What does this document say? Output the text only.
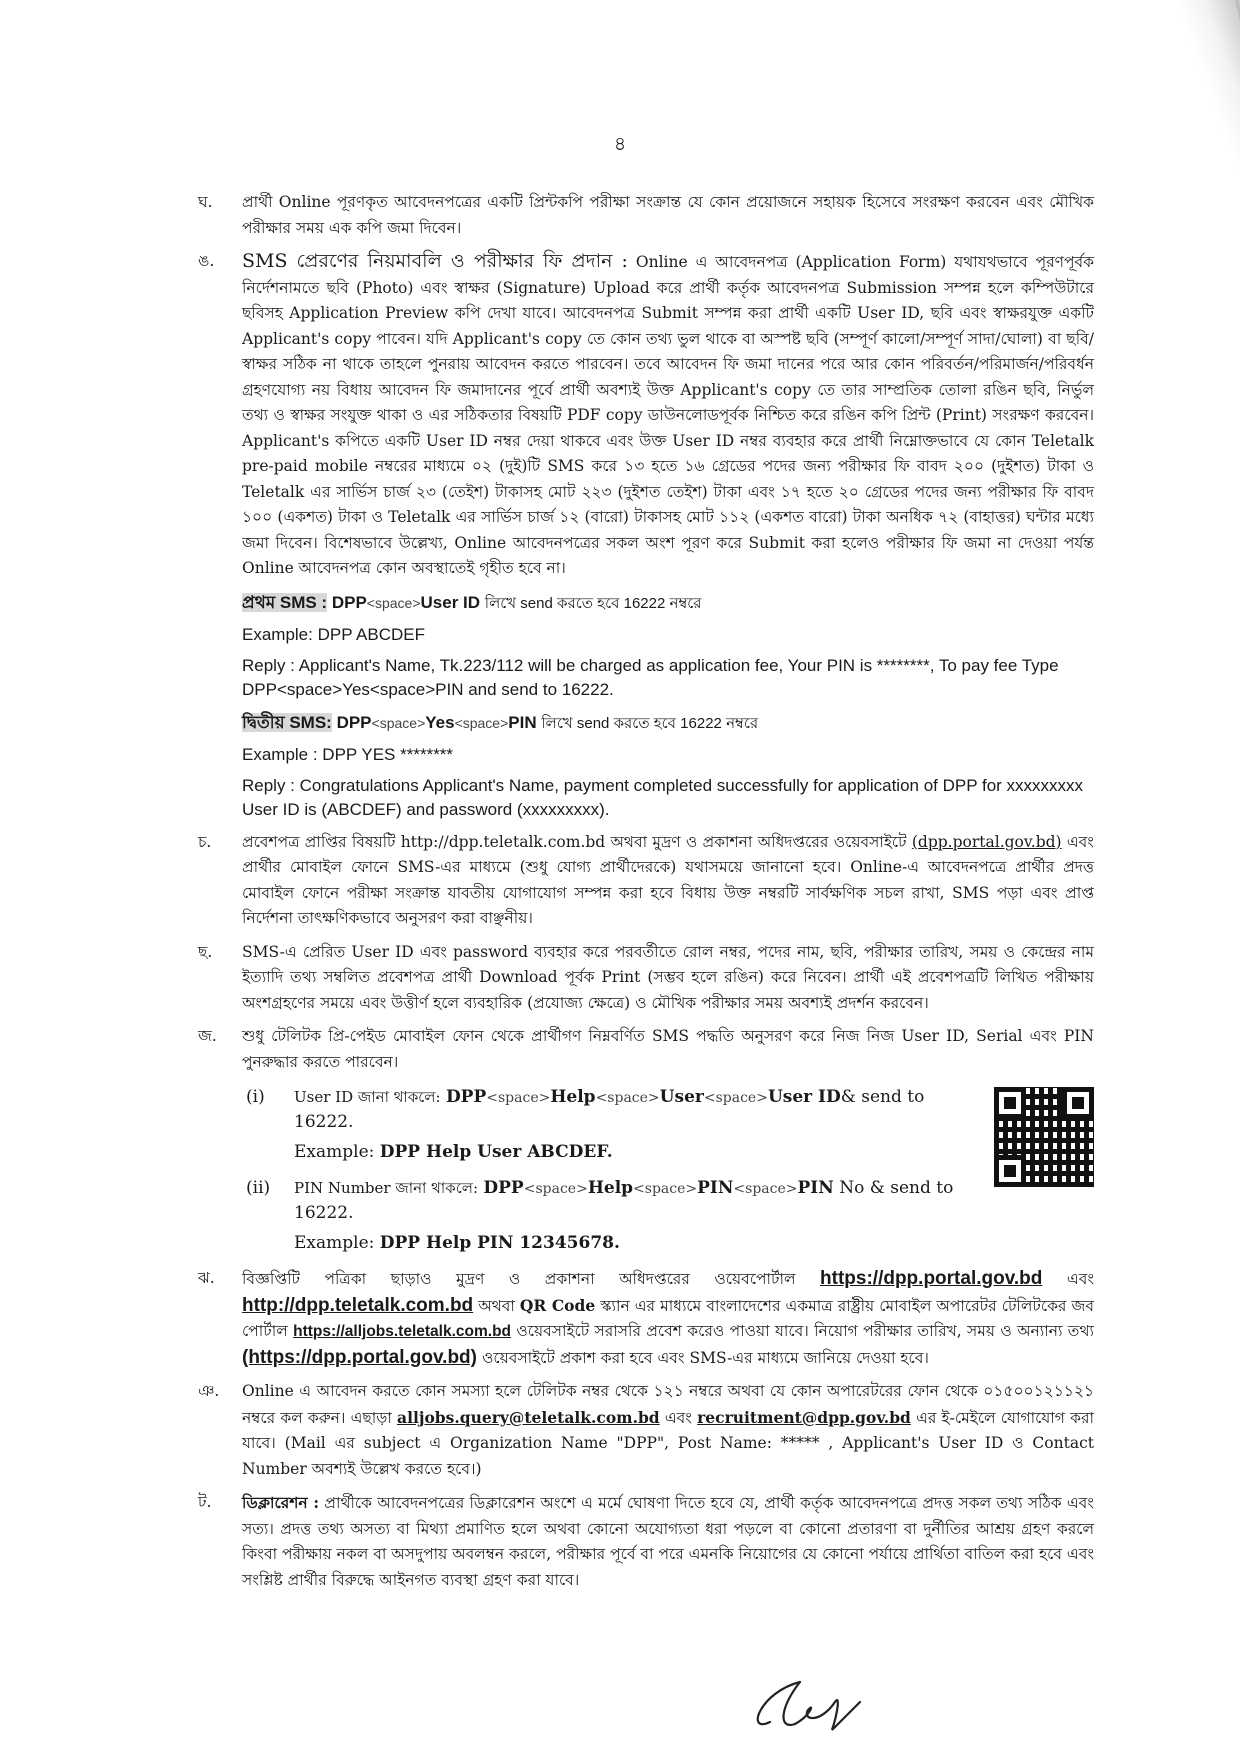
৪
ঘ. প্রার্থী Online পূরণকৃত আবেদনপত্রের একটি প্রিন্টকপি পরীক্ষা সংক্রান্ত যে কোন প্রয়োজনে সহায়ক হিসেবে সংরক্ষণ করবেন এবং মৌখিক পরীক্ষার সময় এক কপি জমা দিবেন।
ঙ. SMS প্রেরণের নিয়মাবলি ও পরীক্ষার ফি প্রদান : Online এ আবেদনপত্র (Application Form) যথাযথভাবে পূরণপূর্বক নির্দেশনামতে ছবি (Photo) এবং স্বাক্ষর (Signature) Upload করে প্রার্থী কর্তৃক আবেদনপত্র Submission সম্পন্ন হলে কম্পিউটারে ছবিসহ Application Preview কপি দেখা যাবে। আবেদনপত্র Submit সম্পন্ন করা প্রার্থী একটি User ID, ছবি এবং স্বাক্ষরযুক্ত একটি Applicant's copy পাবেন। যদি Applicant's copy তে কোন তথ্য ভুল থাকে বা অস্পষ্ট ছবি (সম্পূর্ণ কালো/সম্পূর্ণ সাদা/ঘোলা) বা ছবি/স্বাক্ষর সঠিক না থাকে তাহলে পুনরায় আবেদন করতে পারবেন। তবে আবেদন ফি জমা দানের পরে আর কোন পরিবর্তন/পরিমার্জন/পরিবর্ধন গ্রহণযোগ্য নয় বিধায় আবেদন ফি জমাদানের পূর্বে প্রার্থী অবশ্যই উক্ত Applicant's copy তে তার সাম্প্রতিক তোলা রঙিন ছবি, নির্ভুল তথ্য ও স্বাক্ষর সংযুক্ত থাকা ও এর সঠিকতার বিষয়টি PDF copy ডাউনলোডপূর্বক নিশ্চিত করে রঙিন কপি প্রিন্ট (Print) সংরক্ষণ করবেন। Applicant's কপিতে একটি User ID নম্বর দেয়া থাকবে এবং উক্ত User ID নম্বর ব্যবহার করে প্রার্থী নিম্নোক্তভাবে যে কোন Teletalk pre-paid mobile নম্বরের মাধ্যমে ০২ (দুই)টি SMS করে ১৩ হতে ১৬ গ্রেডের পদের জন্য পরীক্ষার ফি বাবদ ২০০ (দুইশত) টাকা ও Teletalk এর সার্ভিস চার্জ ২৩ (তেইশ) টাকাসহ মোট ২২৩ (দুইশত তেইশ) টাকা এবং ১৭ হতে ২০ গ্রেডের পদের জন্য পরীক্ষার ফি বাবদ ১০০ (একশত) টাকা ও Teletalk এর সার্ভিস চার্জ ১২ (বারো) টাকাসহ মোট ১১২ (একশত বারো) টাকা অনধিক ৭২ (বাহাত্তর) ঘন্টার মধ্যে জমা দিবেন। বিশেষভাবে উল্লেখ্য, Online আবেদনপত্রের সকল অংশ পূরণ করে Submit করা হলেও পরীক্ষার ফি জমা না দেওয়া পর্যন্ত Online আবেদনপত্র কোন অবস্থাতেই গৃহীত হবে না।

প্রথম SMS : DPP<space>User ID লিখে send করতে হবে 16222 নম্বরে

Example: DPP ABCDEF

Reply : Applicant's Name, Tk.223/112 will be charged as application fee, Your PIN is ********, To pay fee Type DPP<space>Yes<space>PIN and send to 16222.

দ্বিতীয় SMS: DPP<space>Yes<space>PIN লিখে send করতে হবে 16222 নম্বরে

Example : DPP YES ********

Reply : Congratulations Applicant's Name, payment completed successfully for application of DPP for xxxxxxxxx User ID is (ABCDEF) and password (xxxxxxxxx).

চ. প্রবেশপত্র প্রাপ্তির বিষয়টি http://dpp.teletalk.com.bd অথবা মুদ্রণ ও প্রকাশনা অধিদপ্তরের ওয়েবসাইটে (dpp.portal.gov.bd) এবং প্রার্থীর মোবাইল ফোনে SMS-এর মাধ্যমে (শুধু যোগ্য প্রার্থীদেরকে) যথাসময়ে জানানো হবে। Online-এ আবেদনপত্রে প্রার্থীর প্রদত্ত মোবাইল ফোনে পরীক্ষা সংক্রান্ত যাবতীয় যোগাযোগ সম্পন্ন করা হবে বিধায় উক্ত নম্বরটি সার্বক্ষণিক সচল রাখা, SMS পড়া এবং প্রাপ্ত নির্দেশনা তাৎক্ষণিকভাবে অনুসরণ করা বাঞ্ছনীয়।
ছ. SMS-এ প্রেরিত User ID এবং password ব্যবহার করে পরবর্তীতে রোল নম্বর, পদের নাম, ছবি, পরীক্ষার তারিখ, সময় ও কেন্দ্রের নাম ইত্যাদি তথ্য সম্বলিত প্রবেশপত্র প্রার্থী Download পূর্বক Print (সম্ভব হলে রঙিন) করে নিবেন। প্রার্থী এই প্রবেশপত্রটি লিখিত পরীক্ষায় অংশগ্রহণের সময়ে এবং উত্তীর্ণ হলে ব্যবহারিক (প্রযোজ্য ক্ষেত্রে) ও মৌখিক পরীক্ষার সময় অবশ্যই প্রদর্শন করবেন।
জ. শুধু টেলিটক প্রি-পেইড মোবাইল ফোন থেকে প্রার্থীগণ নিম্নবর্ণিত SMS পদ্ধতি অনুসরণ করে নিজ নিজ User ID, Serial এবং PIN পুনরুদ্ধার করতে পারবেন।
(i) User ID জানা থাকলে: DPP<space>Help<space>User<space>User ID& send to 16222.
Example: DPP Help User ABCDEF.
(ii) PIN Number জানা থাকলে: DPP<space>Help<space>PIN<space>PIN No & send to 16222.
Example: DPP Help PIN 12345678.
ঝ. বিজ্ঞপ্তিটি পত্রিকা ছাড়াও মুদ্রণ ও প্রকাশনা অধিদপ্তরের ওয়েবপোর্টাল https://dpp.portal.gov.bd এবং http://dpp.teletalk.com.bd অথবা QR Code স্ক্যান এর মাধ্যমে বাংলাদেশের একমাত্র রাষ্ট্রীয় মোবাইল অপারেটর টেলিটকের জব পোর্টাল https://alljobs.teletalk.com.bd ওয়েবসাইটে সরাসরি প্রবেশ করেও পাওয়া যাবে। নিয়োগ পরীক্ষার তারিখ, সময় ও অন্যান্য তথ্য (https://dpp.portal.gov.bd) ওয়েবসাইটে প্রকাশ করা হবে এবং SMS-এর মাধ্যমে জানিয়ে দেওয়া হবে।
ঞ. Online এ আবেদন করতে কোন সমস্যা হলে টেলিটক নম্বর থেকে ১২১ নম্বরে অথবা যে কোন অপারেটরের ফোন থেকে ০১৫০০১২১১২১ নম্বরে কল করুন। এছাড়া alljobs.query@teletalk.com.bd এবং recruitment@dpp.gov.bd এর ই-মেইলে যোগাযোগ করা যাবে। (Mail এর subject এ Organization Name "DPP", Post Name: ***** , Applicant's User ID ও Contact Number অবশ্যই উল্লেখ করতে হবে।)
ট. ডিক্লারেশন : প্রার্থীকে আবেদনপত্রের ডিক্লারেশন অংশে এ মর্মে ঘোষণা দিতে হবে যে, প্রার্থী কর্তৃক আবেদনপত্রে প্রদত্ত সকল তথ্য সঠিক এবং সত্য। প্রদত্ত তথ্য অসত্য বা মিথ্যা প্রমাণিত হলে অথবা কোনো অযোগ্যতা ধরা পড়লে বা কোনো প্রতারণা বা দুর্নীতির আশ্রয় গ্রহণ করলে কিংবা পরীক্ষায় নকল বা অসদুপায় অবলম্বন করলে, পরীক্ষার পূর্বে বা পরে এমনকি নিয়োগের যে কোনো পর্যায়ে প্রার্থিতা বাতিল করা হবে এবং সংশ্লিষ্ট প্রার্থীর বিরুদ্ধে আইনগত ব্যবস্থা গ্রহণ করা যাবে।
